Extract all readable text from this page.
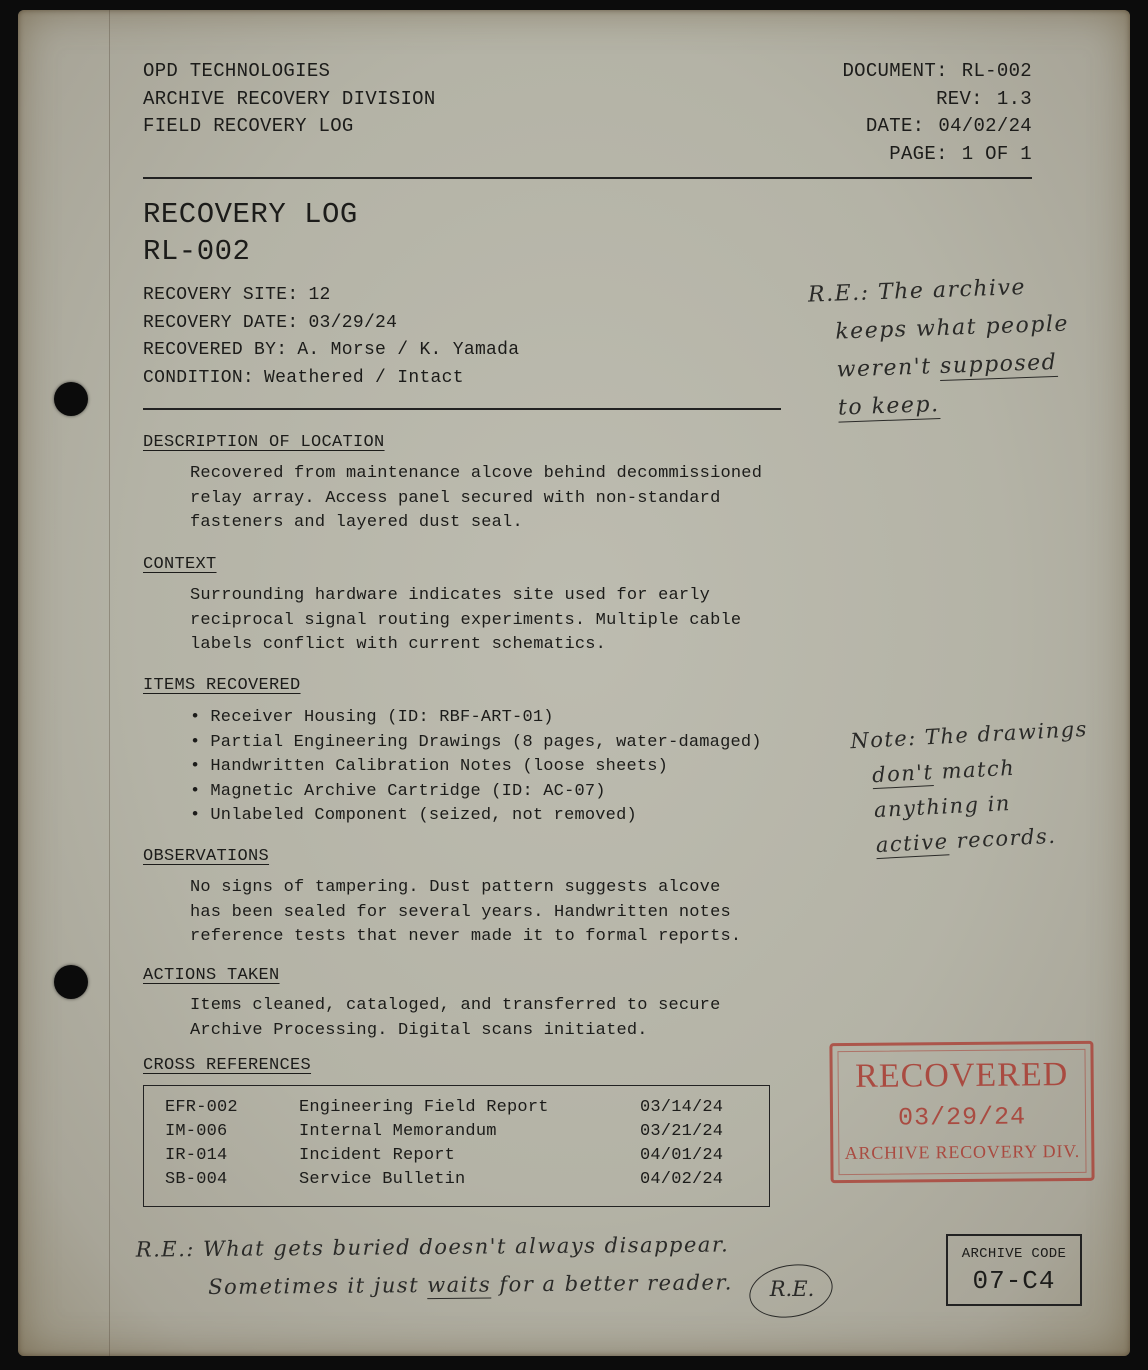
OPD TECHNOLOGIES
ARCHIVE RECOVERY DIVISION
FIELD RECOVERY LOG
DOCUMENT: RL-002
REV: 1.3
DATE: 04/02/24
PAGE: 1 OF 1
RECOVERY LOG
RL-002
RECOVERY SITE: 12
RECOVERY DATE: 03/29/24
RECOVERED BY: A. Morse / K. Yamada
CONDITION: Weathered / Intact
DESCRIPTION OF LOCATION
Recovered from maintenance alcove behind decommissioned
relay array. Access panel secured with non-standard
fasteners and layered dust seal.
CONTEXT
Surrounding hardware indicates site used for early
reciprocal signal routing experiments. Multiple cable
labels conflict with current schematics.
ITEMS RECOVERED
• Receiver Housing (ID: RBF-ART-01)
• Partial Engineering Drawings (8 pages, water-damaged)
• Handwritten Calibration Notes (loose sheets)
• Magnetic Archive Cartridge (ID: AC-07)
• Unlabeled Component (seized, not removed)
OBSERVATIONS
No signs of tampering. Dust pattern suggests alcove
has been sealed for several years. Handwritten notes
reference tests that never made it to formal reports.
ACTIONS TAKEN
Items cleaned, cataloged, and transferred to secure
Archive Processing. Digital scans initiated.
CROSS REFERENCES
EFR-002	Engineering Field Report	03/14/24
IM-006	Internal Memorandum	03/21/24
IR-014	Incident Report	04/01/24
SB-004	Service Bulletin	04/02/24
R.E.: The archive
keeps what people
weren't supposed
to keep.
Note: The drawings
don't match
anything in
active records.
RECOVERED
03/29/24
ARCHIVE RECOVERY DIV.
R.E.: What gets buried doesn't always disappear.
Sometimes it just waits for a better reader.	R.E.
ARCHIVE CODE
07-C4
